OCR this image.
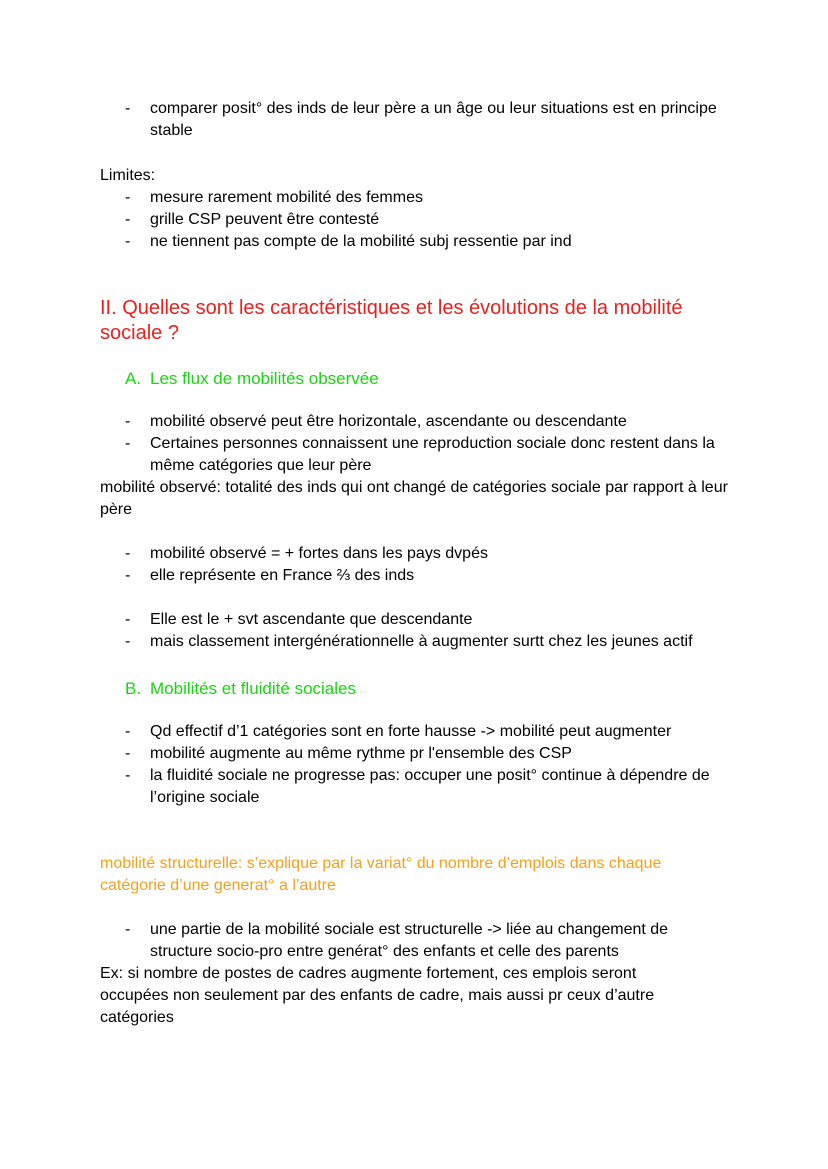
- comparer posit° des inds de leur père a un âge ou leur situations est en principe stable

Limites:

- mesure rarement mobilité des femmes
- grille CSP peuvent être contesté
- ne tiennent pas compte de la mobilité subj ressentie par ind
II. Quelles sont les caractéristiques et les évolutions de la mobilité sociale ?
A. Les flux de mobilités observée
- mobilité observé peut être horizontale, ascendante ou descendante
- Certaines personnes connaissent une reproduction sociale donc restent dans la même catégories que leur père

mobilité observé: totalité des inds qui ont changé de catégories sociale par rapport à leur père

- mobilité observé = + fortes dans les pays dvpés
- elle représente en France ⅔ des inds
- Elle est le + svt ascendante que descendante
- mais classement intergénérationnelle à augmenter surtt chez les jeunes actif
B. Mobilités et fluidité sociales
- Qd effectif d’1 catégories sont en forte hausse -> mobilité peut augmenter
- mobilité augmente au même rythme pr l'ensemble des CSP
- la fluidité sociale ne progresse pas: occuper une posit° continue à dépendre de l’origine sociale

mobilité structurelle: s’explique par la variat° du nombre d’emplois dans chaque catégorie d’une generat° a l’autre

- une partie de la mobilité sociale est structurelle -> liée au changement de structure socio-pro entre genérat° des enfants et celle des parents

Ex: si nombre de postes de cadres augmente fortement, ces emplois seront occupées non seulement par des enfants de cadre, mais aussi pr ceux d’autre catégories
